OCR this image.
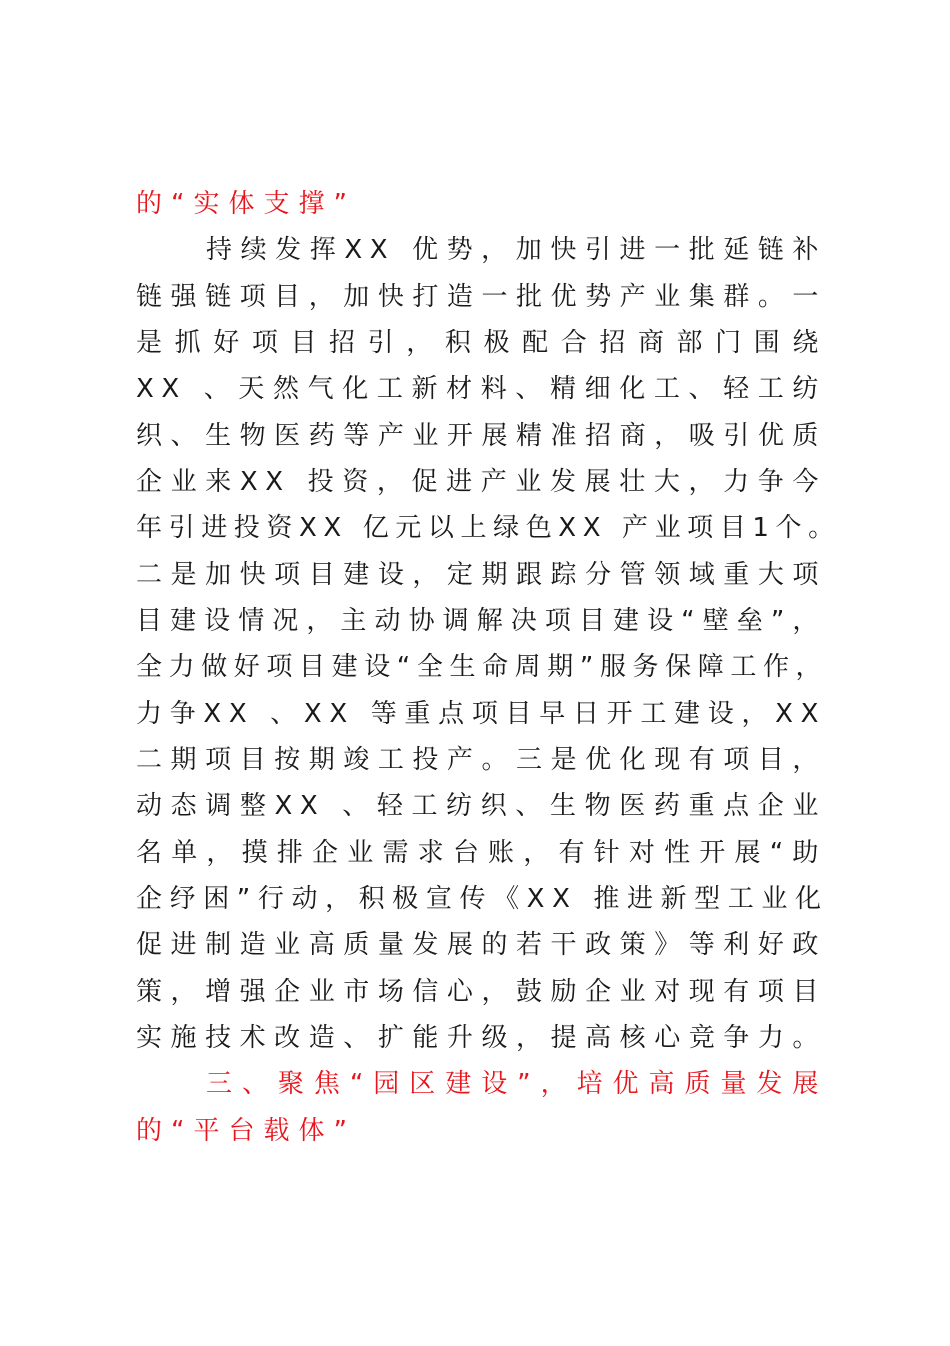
的“实体支撑”
持续发挥XX 优势，加快引进一批延链补
链强链项目，加快打造一批优势产业集群。一
是抓好项目招引，积极配合招商部门围绕
XX 、天然气化工新材料、精细化工、轻工纺
织、生物医药等产业开展精准招商，吸引优质
企业来XX 投资，促进产业发展壮大，力争今
年引进投资XX 亿元以上绿色XX 产业项目1个。
二是加快项目建设，定期跟踪分管领域重大项
目建设情况，主动协调解决项目建设“壁垒”，
全力做好项目建设“全生命周期”服务保障工作，
力争XX 、XX 等重点项目早日开工建设，XX
二期项目按期竣工投产。三是优化现有项目，
动态调整XX 、轻工纺织、生物医药重点企业
名单，摸排企业需求台账，有针对性开展“助
企纾困”行动，积极宣传《XX 推进新型工业化
促进制造业高质量发展的若干政策》等利好政
策，增强企业市场信心，鼓励企业对现有项目
实施技术改造、扩能升级，提高核心竞争力。
三、聚焦“园区建设”，培优高质量发展
的“平台载体”
